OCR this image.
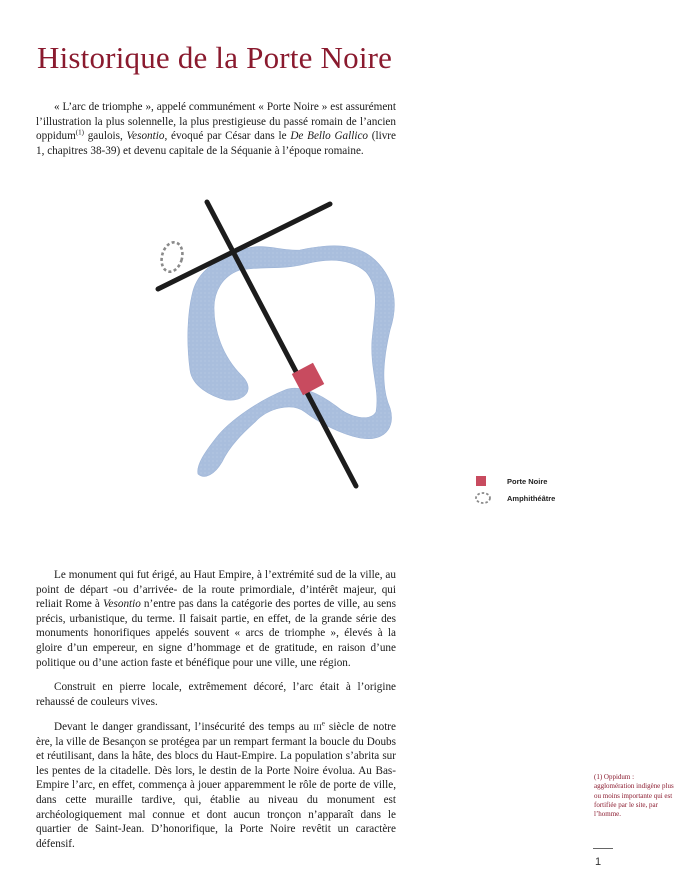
Historique de la Porte Noire

« L’arc de triomphe », appelé communément « Porte Noire » est assurément l’illustration la plus solennelle, la plus prestigieuse du passé romain de l’ancien oppidum$^{(1)}$ gaulois, Vesontio, évoqué par César dans le De Bello Gallico (livre 1, chapitres 38-39) et devenu capitale de la Séquanie à l’époque romaine.

Porte Noire
Amphithéâtre

Le monument qui fut érigé, au Haut Empire, à l’extrémité sud de la ville, au point de départ -ou d’arrivée- de la route primordiale, d’intérêt majeur, qui reliait Rome à Vesontio n’entre pas dans la catégorie des portes de ville, au sens précis, urbanistique, du terme. Il faisait partie, en effet, de la grande série des monuments honorifiques appelés souvent « arcs de triomphe », élevés à la gloire d’un empereur, en signe d’hommage et de gratitude, en raison d’une politique ou d’une action faste et bénéfique pour une ville, une région.

Construit en pierre locale, extrêmement décoré, l’arc était à l’origine rehaussé de couleurs vives.

Devant le danger grandissant, l’insécurité des temps au IIIe siècle de notre ère, la ville de Besançon se protégea par un rempart fermant la boucle du Doubs et réutilisant, dans la hâte, des blocs du Haut-Empire. La population s’abrita sur les pentes de la citadelle. Dès lors, le destin de la Porte Noire évolua. Au Bas-Empire l’arc, en effet, commença à jouer apparemment le rôle de porte de ville, dans cette muraille tardive, qui, établie au niveau du monument est archéologiquement mal connue et dont aucun tronçon n’apparaît dans le quartier de Saint-Jean. D’honorifique, la Porte Noire revêtit un caractère défensif.

(1) Oppidum : agglomération indigène plus ou moins importante qui est fortifiée par le site, par l’homme.

1
